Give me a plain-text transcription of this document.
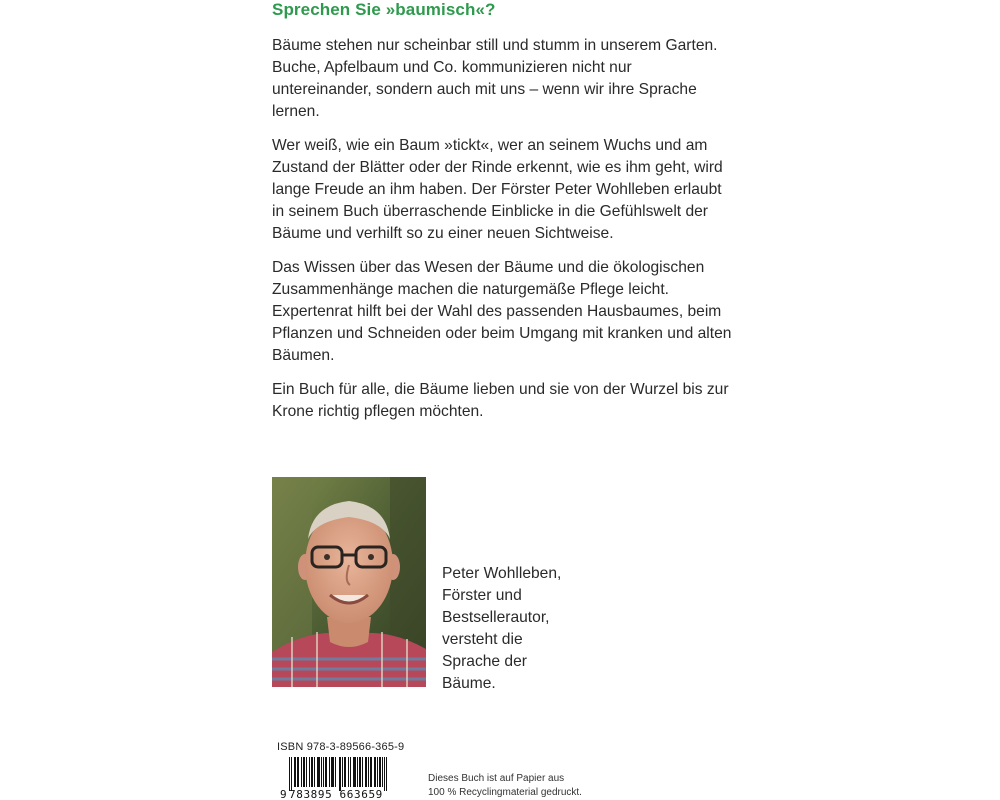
Sprechen Sie »baumisch«?

Bäume stehen nur scheinbar still und stumm in unserem Garten. Buche, Apfelbaum und Co. kommunizieren nicht nur untereinander, sondern auch mit uns – wenn wir ihre Sprache lernen.

Wer weiß, wie ein Baum »tickt«, wer an seinem Wuchs und am Zustand der Blätter oder der Rinde erkennt, wie es ihm geht, wird lange Freude an ihm haben. Der Förster Peter Wohlleben erlaubt in seinem Buch überraschende Einblicke in die Gefühlswelt der Bäume und verhilft so zu einer neuen Sichtweise.

Das Wissen über das Wesen der Bäume und die ökologischen Zusammenhänge machen die naturgemäße Pflege leicht. Expertenrat hilft bei der Wahl des passenden Hausbaumes, beim Pflanzen und Schneiden oder beim Umgang mit kranken und alten Bäumen.

Ein Buch für alle, die Bäume lieben und sie von der Wurzel bis zur Krone richtig pflegen möchten.

Peter Wohlleben,
Förster und
Bestsellerautor,
versteht die
Sprache der
Bäume.
ISBN 978-3-89566-365-9
9 783895 663659
Dieses Buch ist auf Papier aus
100 % Recyclingmaterial gedruckt.
